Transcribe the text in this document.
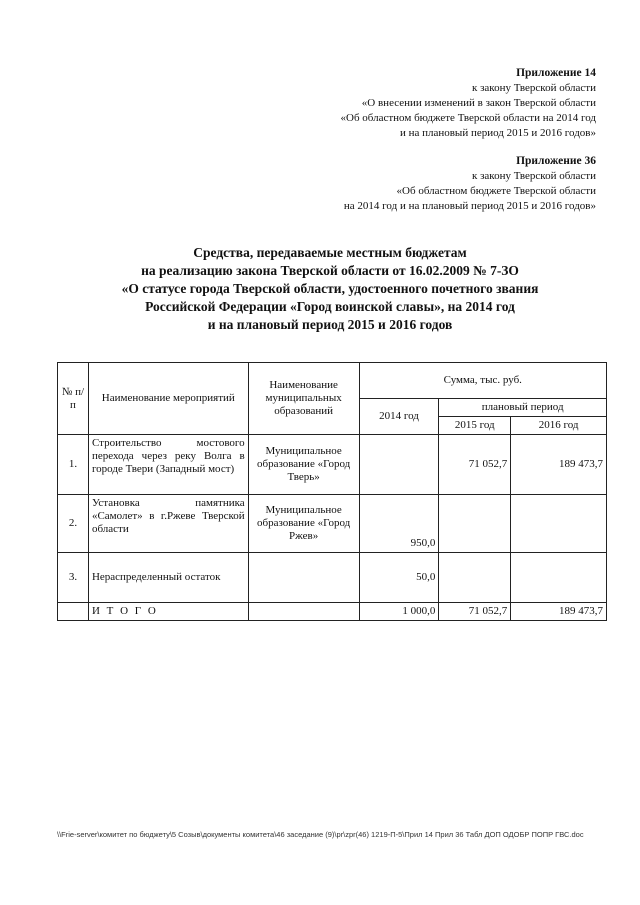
Приложение 14
к закону Тверской области
«О внесении изменений в закон Тверской области
«Об областном бюджете Тверской области на 2014 год
и на плановый период 2015 и 2016 годов»
Приложение 36
к закону Тверской области
«Об областном бюджете Тверской области
на 2014 год и на плановый период 2015 и 2016 годов»
Средства, передаваемые местным бюджетам
на реализацию закона Тверской области от 16.02.2009 № 7-ЗО
«О статусе города Тверской области, удостоенного почетного звания
Российской Федерации «Город воинской славы», на 2014 год
и на плановый период 2015 и 2016 годов
№ п/п	Наименование мероприятий	Наименование муниципальных образований	Сумма, тыс. руб.		
			2014 год	плановый период	
				2015 год	2016 год
1.	Строительство мостового перехода через реку Волга в городе Твери (Западный мост)	Муниципальное образование «Город Тверь»		71 052,7	189 473,7
2.	Установка памятника «Самолет» в г.Ржеве Тверской области	Муниципальное образование «Город Ржев»	950,0		
3.	Нераспределенный остаток		50,0		
	И Т О Г О		1 000,0	71 052,7	189 473,7
\\Frie-server\комитет по бюджету\5 Созыв\документы комитета\46 заседание (9)\pr\zpr(46) 1219-П-5\Прил 14 Прил 36 Табл ДОП ОДОБР ПОПР ГВС.doc
